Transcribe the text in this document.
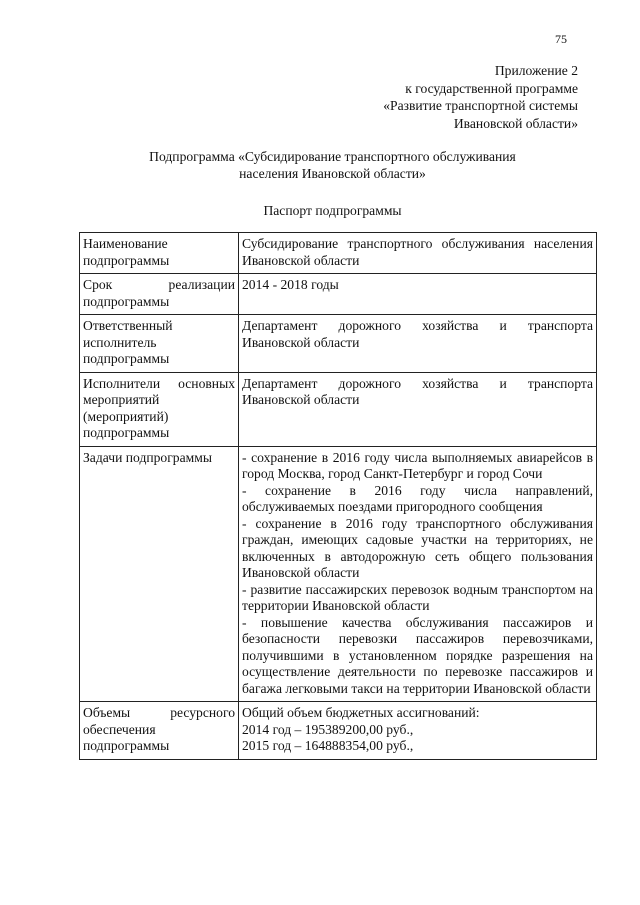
75
Приложение 2
к государственной программе
«Развитие транспортной системы
Ивановской области»
Подпрограмма «Субсидирование транспортного обслуживания
населения Ивановской области»
Паспорт подпрограммы
Наименование подпрограммы	Субсидирование транспортного обслуживания населения Ивановской области
Срок реализации подпрограммы	2014 - 2018 годы
Ответственный исполнитель подпрограммы	Департамент дорожного хозяйства и транспорта Ивановской области
Исполнители основных мероприятий (мероприятий) подпрограммы	Департамент дорожного хозяйства и транспорта Ивановской области
Задачи подпрограммы	- сохранение в 2016 году числа выполняемых авиарейсов в город Москва, город Санкт-Петербург и город Сочи
- сохранение в 2016 году числа направлений, обслуживаемых поездами пригородного сообщения
- сохранение в 2016 году транспортного обслуживания граждан, имеющих садовые участки на территориях, не включенных в автодорожную сеть общего пользования Ивановской области
- развитие пассажирских перевозок водным транспортом на территории Ивановской области
- повышение качества обслуживания пассажиров и безопасности перевозки пассажиров перевозчиками, получившими в установленном порядке разрешения на осуществление деятельности по перевозке пассажиров и багажа легковыми такси на территории Ивановской области

Объемы ресурсного обеспечения подпрограммы	Общий объем бюджетных ассигнований:
2014 год – 195389200,00 руб.,
2015 год – 164888354,00 руб.,
